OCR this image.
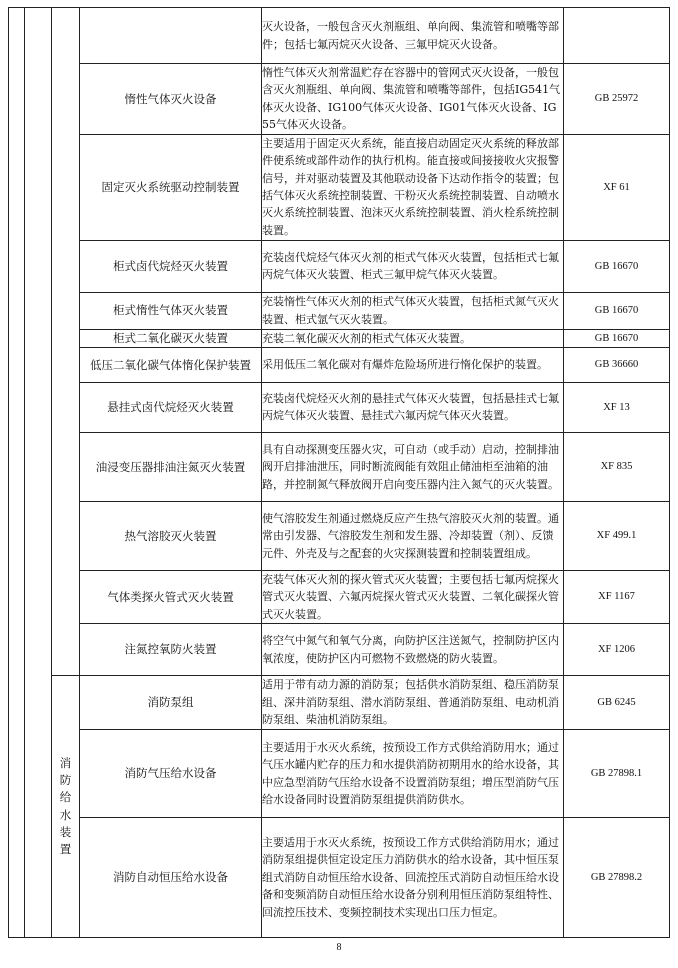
				灭火设备，一般包含灭火剂瓶组、单向阀、集流管和喷嘴等部件；包括七氟丙烷灭火设备、三氟甲烷灭火设备。	
			惰性气体灭火设备	惰性气体灭火剂常温贮存在容器中的管网式灭火设备，一般包含灭火剂瓶组、单向阀、集流管和喷嘴等部件，包括IG541气体灭火设备、IG100气体灭火设备、IG01气体灭火设备、IG55气体灭火设备。	GB 25972
			固定灭火系统驱动控制装置	主要适用于固定灭火系统，能直接启动固定灭火系统的释放部件使系统或部件动作的执行机构。能直接或间接接收火灾报警信号，并对驱动装置及其他联动设备下达动作指令的装置；包括气体灭火系统控制装置、干粉灭火系统控制装置、自动喷水灭火系统控制装置、泡沫灭火系统控制装置、消火栓系统控制装置。	XF 61
			柜式卤代烷烃灭火装置	充装卤代烷烃气体灭火剂的柜式气体灭火装置，包括柜式七氟丙烷气体灭火装置、柜式三氟甲烷气体灭火装置。	GB 16670
			柜式惰性气体灭火装置	充装惰性气体灭火剂的柜式气体灭火装置，包括柜式氮气灭火装置、柜式氩气灭火装置。	GB 16670
			柜式二氧化碳灭火装置	充装二氧化碳灭火剂的柜式气体灭火装置。	GB 16670
			低压二氧化碳气体惰化保护装置	采用低压二氧化碳对有爆炸危险场所进行惰化保护的装置。	GB 36660
			悬挂式卤代烷烃灭火装置	充装卤代烷烃灭火剂的悬挂式气体灭火装置，包括悬挂式七氟丙烷气体灭火装置、悬挂式六氟丙烷气体灭火装置。	XF 13
			油浸变压器排油注氮灭火装置	具有自动探测变压器火灾，可自动（或手动）启动，控制排油阀开启排油泄压，同时断流阀能有效阻止储油柜至油箱的油路，并控制氮气释放阀开启向变压器内注入氮气的灭火装置。	XF 835
			热气溶胶灭火装置	使气溶胶发生剂通过燃烧反应产生热气溶胶灭火剂的装置。通常由引发器、气溶胶发生剂和发生器、冷却装置（剂）、反馈元件、外壳及与之配套的火灾探测装置和控制装置组成。	XF 499.1
			气体类探火管式灭火装置	充装气体灭火剂的探火管式灭火装置；主要包括七氟丙烷探火管式灭火装置、六氟丙烷探火管式灭火装置、二氧化碳探火管式灭火装置。	XF 1167
			注氮控氧防火装置	将空气中氮气和氧气分离，向防护区注送氮气，控制防护区内氧浓度，使防护区内可燃物不致燃烧的防火装置。	XF 1206
		消防给水装置	消防泵组	适用于带有动力源的消防泵；包括供水消防泵组、稳压消防泵组、深井消防泵组、潜水消防泵组、普通消防泵组、电动机消防泵组、柴油机消防泵组。	GB 6245
			消防气压给水设备	主要适用于水灭火系统，按预设工作方式供给消防用水；通过气压水罐内贮存的压力和水提供消防初期用水的给水设备，其中应急型消防气压给水设备不设置消防泵组；增压型消防气压给水设备同时设置消防泵组提供消防供水。	GB 27898.1
			消防自动恒压给水设备	主要适用于水灭火系统，按预设工作方式供给消防用水；通过消防泵组提供恒定设定压力消防供水的给水设备，其中恒压泵组式消防自动恒压给水设备、回流控压式消防自动恒压给水设备和变频消防自动恒压给水设备分别利用恒压消防泵组特性、回流控压技术、变频控制技术实现出口压力恒定。	GB 27898.2
8
